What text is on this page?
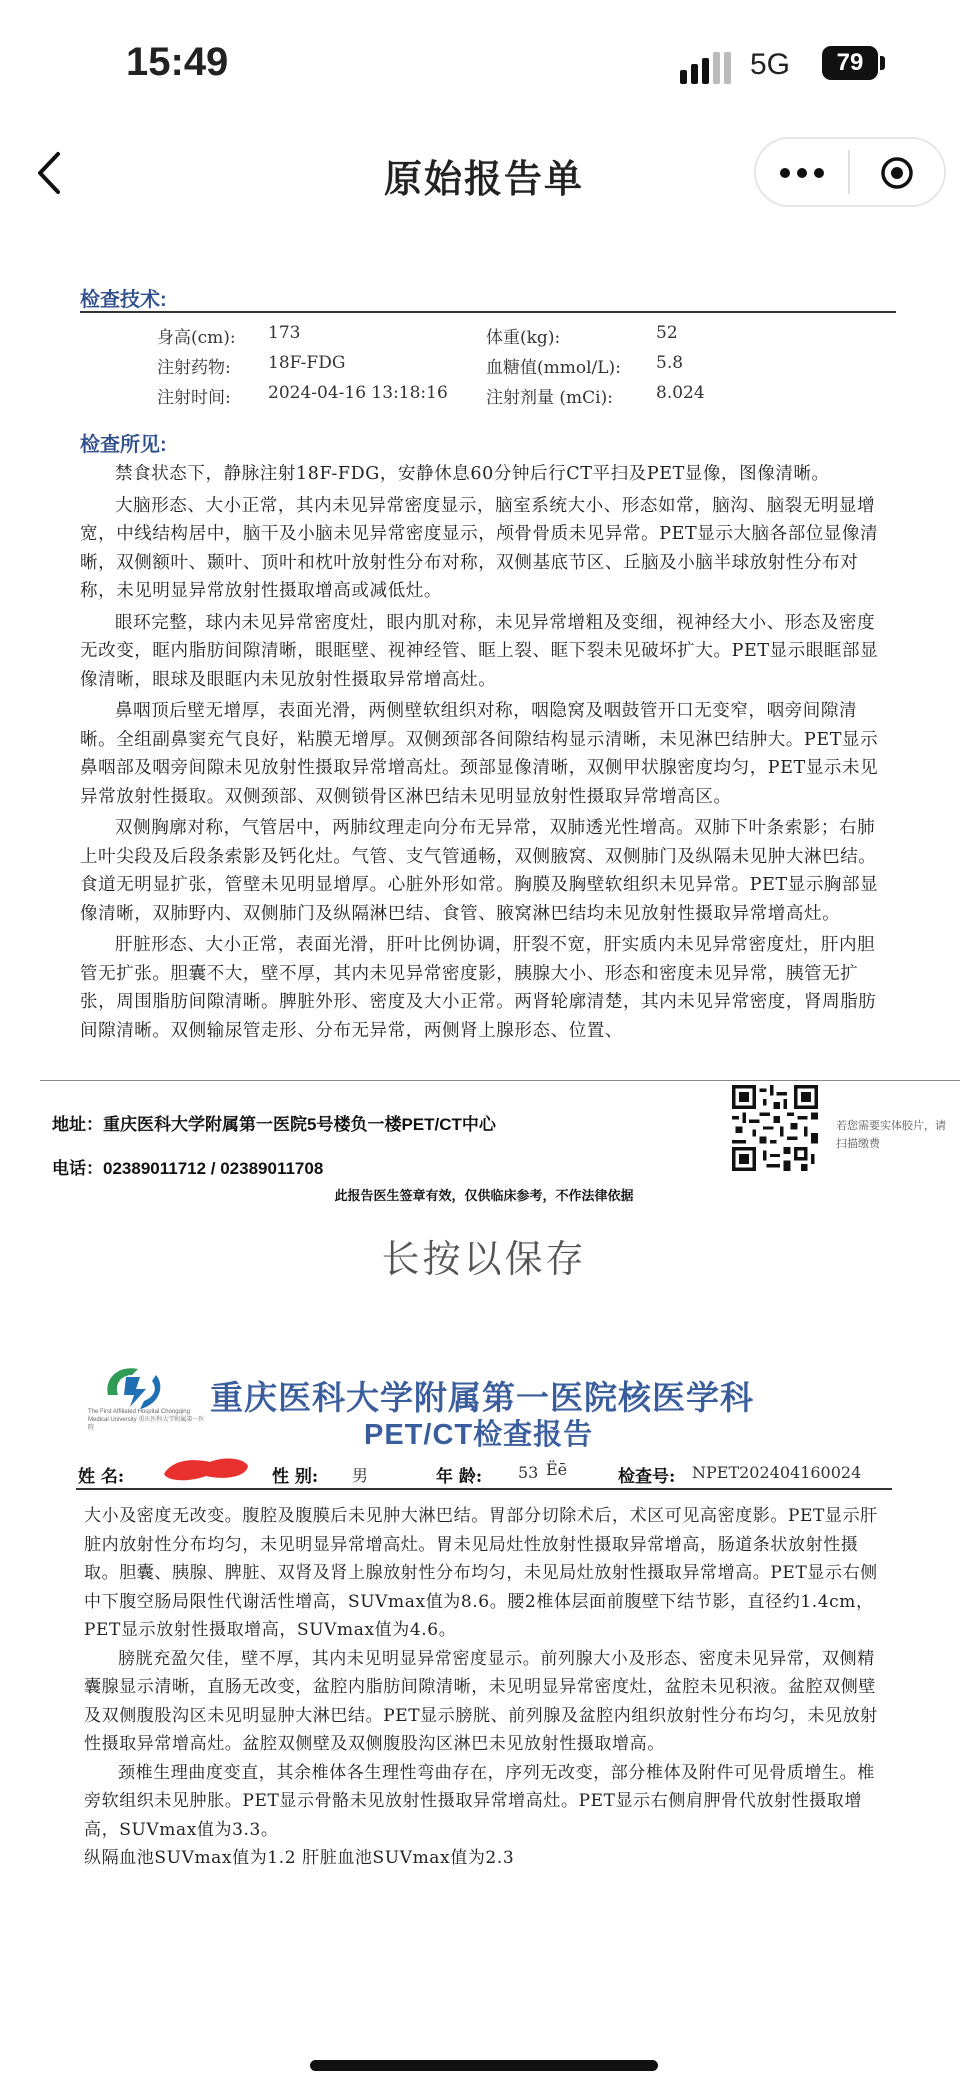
15:49	5G	79
原始报告单
检查技术:
身高(cm): 173	体重(kg):	52
注射药物: 18F-FDG	血糖值(mmol/L): 5.8
注射时间: 2024-04-16 13:18:16 注射剂量 (mCi):	8.024
检查所见:

禁食状态下，静脉注射18F-FDG，安静休息60分钟后行CT平扫及PET显像，图像清晰。

大脑形态、大小正常，其内未见异常密度显示，脑室系统大小、形态如常，脑沟、脑裂无明显增宽，中线结构居中，脑干及小脑未见异常密度显示，颅骨骨质未见异常。PET显示大脑各部位显像清晰，双侧额叶、颞叶、顶叶和枕叶放射性分布对称，双侧基底节区、丘脑及小脑半球放射性分布对称，未见明显异常放射性摄取增高或减低灶。

眼环完整，球内未见异常密度灶，眼内肌对称，未见异常增粗及变细，视神经大小、形态及密度无改变，眶内脂肪间隙清晰，眼眶壁、视神经管、眶上裂、眶下裂未见破坏扩大。PET显示眼眶部显像清晰，眼球及眼眶内未见放射性摄取异常增高灶。

鼻咽顶后壁无增厚，表面光滑，两侧壁软组织对称，咽隐窝及咽鼓管开口无变窄，咽旁间隙清晰。全组副鼻窦充气良好，粘膜无增厚。双侧颈部各间隙结构显示清晰，未见淋巴结肿大。PET显示鼻咽部及咽旁间隙未见放射性摄取异常增高灶。颈部显像清晰，双侧甲状腺密度均匀，PET显示未见异常放射性摄取。双侧颈部、双侧锁骨区淋巴结未见明显放射性摄取异常增高区。

双侧胸廓对称，气管居中，两肺纹理走向分布无异常，双肺透光性增高。双肺下叶条索影；右肺上叶尖段及后段条索影及钙化灶。气管、支气管通畅，双侧腋窝、双侧肺门及纵隔未见肿大淋巴结。食道无明显扩张，管壁未见明显增厚。心脏外形如常。胸膜及胸壁软组织未见异常。PET显示胸部显像清晰，双肺野内、双侧肺门及纵隔淋巴结、食管、腋窝淋巴结均未见放射性摄取异常增高灶。

肝脏形态、大小正常，表面光滑，肝叶比例协调，肝裂不宽，肝实质内未见异常密度灶，肝内胆管无扩张。胆囊不大，壁不厚，其内未见异常密度影，胰腺大小、形态和密度未见异常，胰管无扩张，周围脂肪间隙清晰。脾脏外形、密度及大小正常。两肾轮廓清楚，其内未见异常密度，肾周脂肪间隙清晰。双侧输尿管走形、分布无异常，两侧肾上腺形态、位置、

地址：重庆医科大学附属第一医院5号楼负一楼PET/CT中心
电话：02389011712 / 02389011708
若您需要实体胶片，请扫描缴费
此报告医生签章有效，仅供临床参考，不作法律依据
长按以保存
The First Affiliated Hospital Chongqing Medical University 重庆医科大学附属第一医院
重庆医科大学附属第一医院核医学科
PET/CT检查报告
姓 名:	性 别: 男	年 龄: 53 Ëē	检查号: NPET202404160024

大小及密度无改变。腹腔及腹膜后未见肿大淋巴结。胃部分切除术后，术区可见高密度影。PET显示肝脏内放射性分布均匀，未见明显异常增高灶。胃未见局灶性放射性摄取异常增高，肠道条状放射性摄取。胆囊、胰腺、脾脏、双肾及肾上腺放射性分布均匀，未见局灶放射性摄取异常增高。PET显示右侧中下腹空肠局限性代谢活性增高，SUVmax值为8.6。腰2椎体层面前腹壁下结节影，直径约1.4cm，PET显示放射性摄取增高，SUVmax值为4.6。

膀胱充盈欠佳，壁不厚，其内未见明显异常密度显示。前列腺大小及形态、密度未见异常，双侧精囊腺显示清晰，直肠无改变，盆腔内脂肪间隙清晰，未见明显异常密度灶，盆腔未见积液。盆腔双侧壁及双侧腹股沟区未见明显肿大淋巴结。PET显示膀胱、前列腺及盆腔内组织放射性分布均匀，未见放射性摄取异常增高灶。盆腔双侧壁及双侧腹股沟区淋巴未见放射性摄取增高。

颈椎生理曲度变直，其余椎体各生理性弯曲存在，序列无改变，部分椎体及附件可见骨质增生。椎旁软组织未见肿胀。PET显示骨骼未见放射性摄取异常增高灶。PET显示右侧肩胛骨代放射性摄取增高，SUVmax值为3.3。

纵隔血池SUVmax值为1.2 肝脏血池SUVmax值为2.3
